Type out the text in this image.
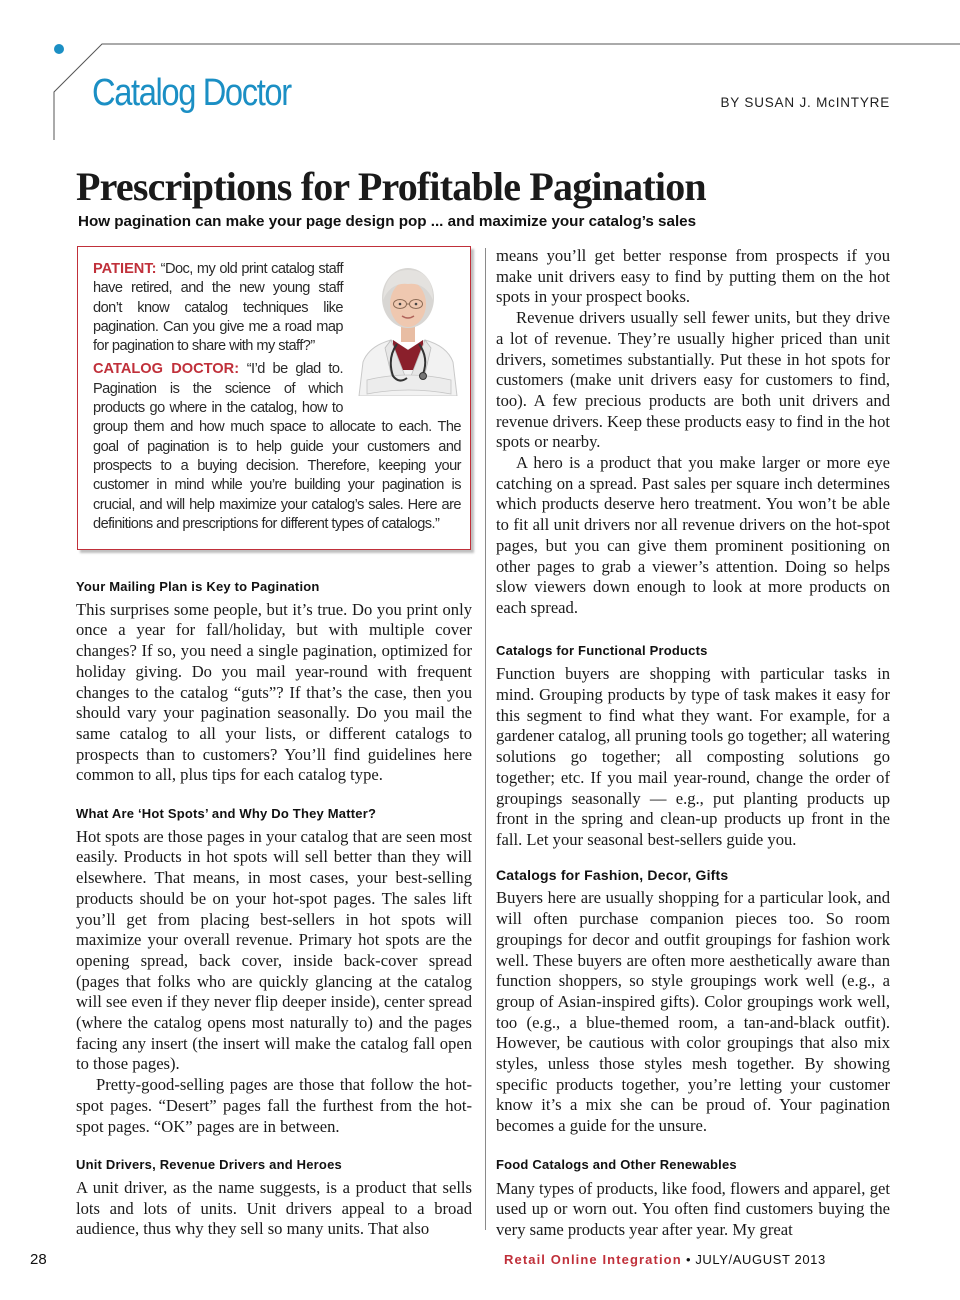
Catalog Doctor	BY SUSAN J. McINTYRE
Prescriptions for Profitable Pagination
How pagination can make your page design pop ... and maximize your catalog’s sales

PATIENT: “Doc, my old print catalog staff have retired, and the new young staff don’t know catalog techniques like pagination. Can you give me a road map for pagination to share with my staff?”

CATALOG DOCTOR: “I’d be glad to. Pagination is the science of which products go where in the catalog, how to group them and how much space to allocate to each. The goal of pagination is to help guide your customers and prospects to a buying decision. Therefore, keeping your customer in mind while you’re building your pagination is crucial, and will help maximize your catalog’s sales. Here are definitions and prescriptions for different types of catalogs.”

Your Mailing Plan is Key to Pagination

This surprises some people, but it’s true. Do you print only once a year for fall/holiday, but with multiple cover changes? If so, you need a single pagination, optimized for holiday giving. Do you mail year-round with frequent changes to the catalog “guts”? If that’s the case, then you should vary your pagination seasonally. Do you mail the same catalog to all your lists, or different catalogs to prospects than to customers? You’ll find guidelines here common to all, plus tips for each catalog type.

What Are ‘Hot Spots’ and Why Do They Matter?

Hot spots are those pages in your catalog that are seen most easily. Products in hot spots will sell better than they will elsewhere. That means, in most cases, your best-selling products should be on your hot-spot pages. The sales lift you’ll get from placing best-sellers in hot spots will maximize your overall revenue. Primary hot spots are the opening spread, back cover, inside back-cover spread (pages that folks who are quickly glancing at the catalog will see even if they never flip deeper inside), center spread (where the catalog opens most naturally to) and the pages facing any insert (the insert will make the catalog fall open to those pages).

Pretty-good-selling pages are those that follow the hot-spot pages. “Desert” pages fall the furthest from the hot-spot pages. “OK” pages are in between.

Unit Drivers, Revenue Drivers and Heroes

A unit driver, as the name suggests, is a product that sells lots and lots of units. Unit drivers appeal to a broad audience, thus why they sell so many units. That also

means you’ll get better response from prospects if you make unit drivers easy to find by putting them on the hot spots in your prospect books.

Revenue drivers usually sell fewer units, but they drive a lot of revenue. They’re usually higher priced than unit drivers, sometimes substantially. Put these in hot spots for customers (make unit drivers easy for customers to find, too). A few precious products are both unit drivers and revenue drivers. Keep these products easy to find in the hot spots or nearby.

A hero is a product that you make larger or more eye catching on a spread. Past sales per square inch determines which products deserve hero treatment. You won’t be able to fit all unit drivers nor all revenue drivers on the hot-spot pages, but you can give them prominent positioning on other pages to grab a viewer’s attention. Doing so helps slow viewers down enough to look at more products on each spread.

Catalogs for Functional Products

Function buyers are shopping with particular tasks in mind. Grouping products by type of task makes it easy for this segment to find what they want. For example, for a gardener catalog, all pruning tools go together; all watering solutions go together; all composting solutions go together; etc. If you mail year-round, change the order of groupings seasonally — e.g., put planting products up front in the spring and clean-up products up front in the fall. Let your seasonal best-sellers guide you.

Catalogs for Fashion, Decor, Gifts

Buyers here are usually shopping for a particular look, and will often purchase companion pieces too. So room groupings for decor and outfit groupings for fashion work well. These buyers are often more aesthetically aware than function shoppers, so style groupings work well (e.g., a group of Asian-inspired gifts). Color groupings work well, too (e.g., a blue-themed room, a tan-and-black outfit). However, be cautious with color groupings that also mix styles, unless those styles mesh together. By showing specific products together, you’re letting your customer know it’s a mix she can be proud of. Your pagination becomes a guide for the unsure.

Food Catalogs and Other Renewables

Many types of products, like food, flowers and apparel, get used up or worn out. You often find customers buying the very same products year after year. My great

28	Retail Online Integration • JULY/AUGUST 2013
